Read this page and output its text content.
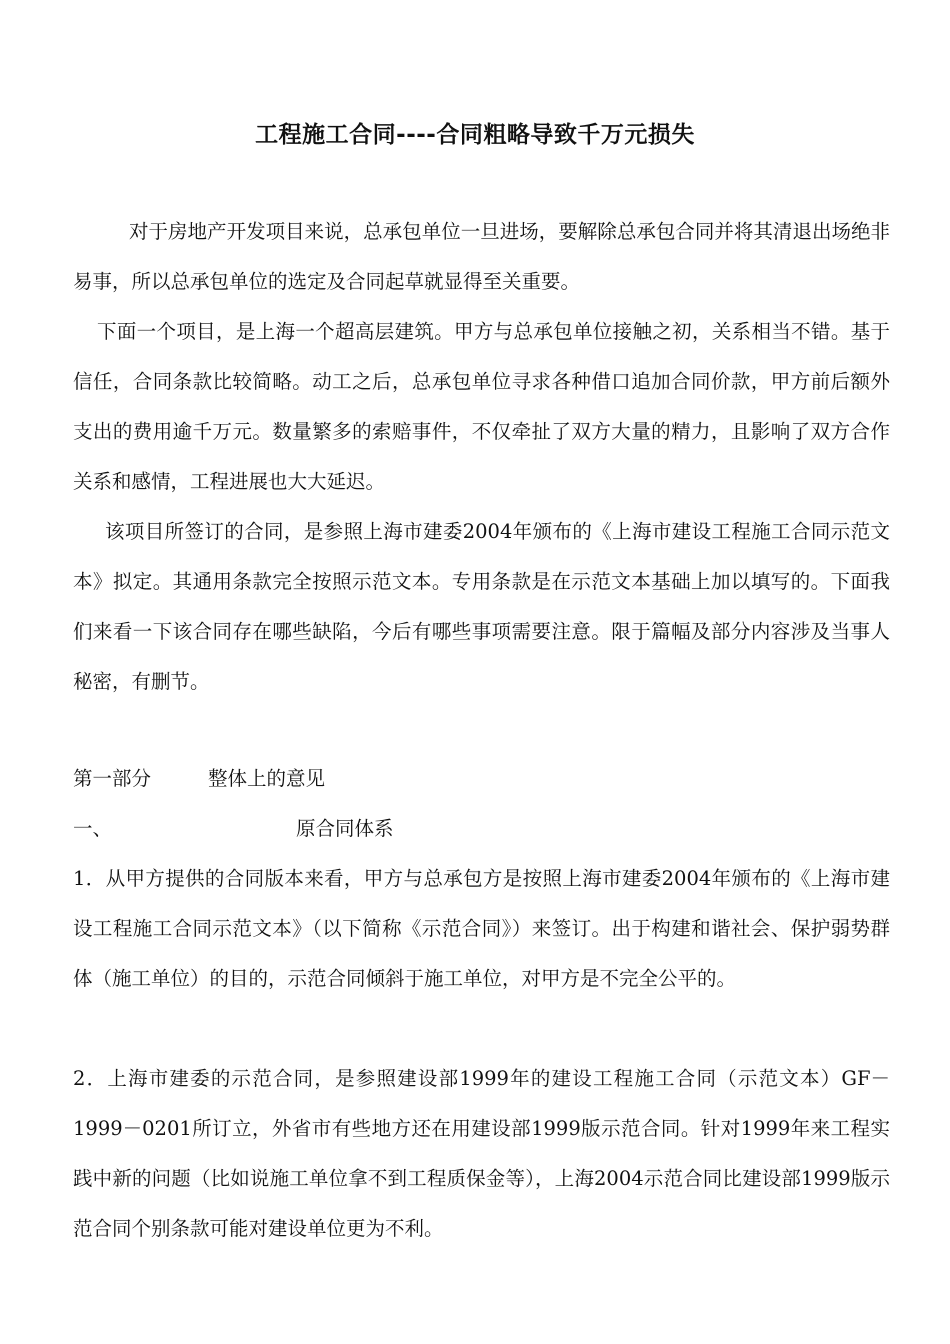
工程施工合同----合同粗略导致千万元损失

对于房地产开发项目来说，总承包单位一旦进场，要解除总承包合同并将其清退出场绝非易事，所以总承包单位的选定及合同起草就显得至关重要。

下面一个项目，是上海一个超高层建筑。甲方与总承包单位接触之初，关系相当不错。基于信任，合同条款比较简略。动工之后，总承包单位寻求各种借口追加合同价款，甲方前后额外支出的费用逾千万元。数量繁多的索赔事件，不仅牵扯了双方大量的精力，且影响了双方合作关系和感情，工程进展也大大延迟。

该项目所签订的合同，是参照上海市建委2004年颁布的《上海市建设工程施工合同示范文本》拟定。其通用条款完全按照示范文本。专用条款是在示范文本基础上加以填写的。下面我们来看一下该合同存在哪些缺陷，今后有哪些事项需要注意。限于篇幅及部分内容涉及当事人秘密，有删节。

第一部分	整体上的意见
一、	原合同体系

1．从甲方提供的合同版本来看，甲方与总承包方是按照上海市建委2004年颁布的《上海市建设工程施工合同示范文本》（以下简称《示范合同》）来签订。出于构建和谐社会、保护弱势群体（施工单位）的目的，示范合同倾斜于施工单位，对甲方是不完全公平的。

2．上海市建委的示范合同，是参照建设部1999年的建设工程施工合同（示范文本）GF－1999－0201所订立，外省市有些地方还在用建设部1999版示范合同。针对1999年来工程实践中新的问题（比如说施工单位拿不到工程质保金等），上海2004示范合同比建设部1999版示范合同个别条款可能对建设单位更为不利。
